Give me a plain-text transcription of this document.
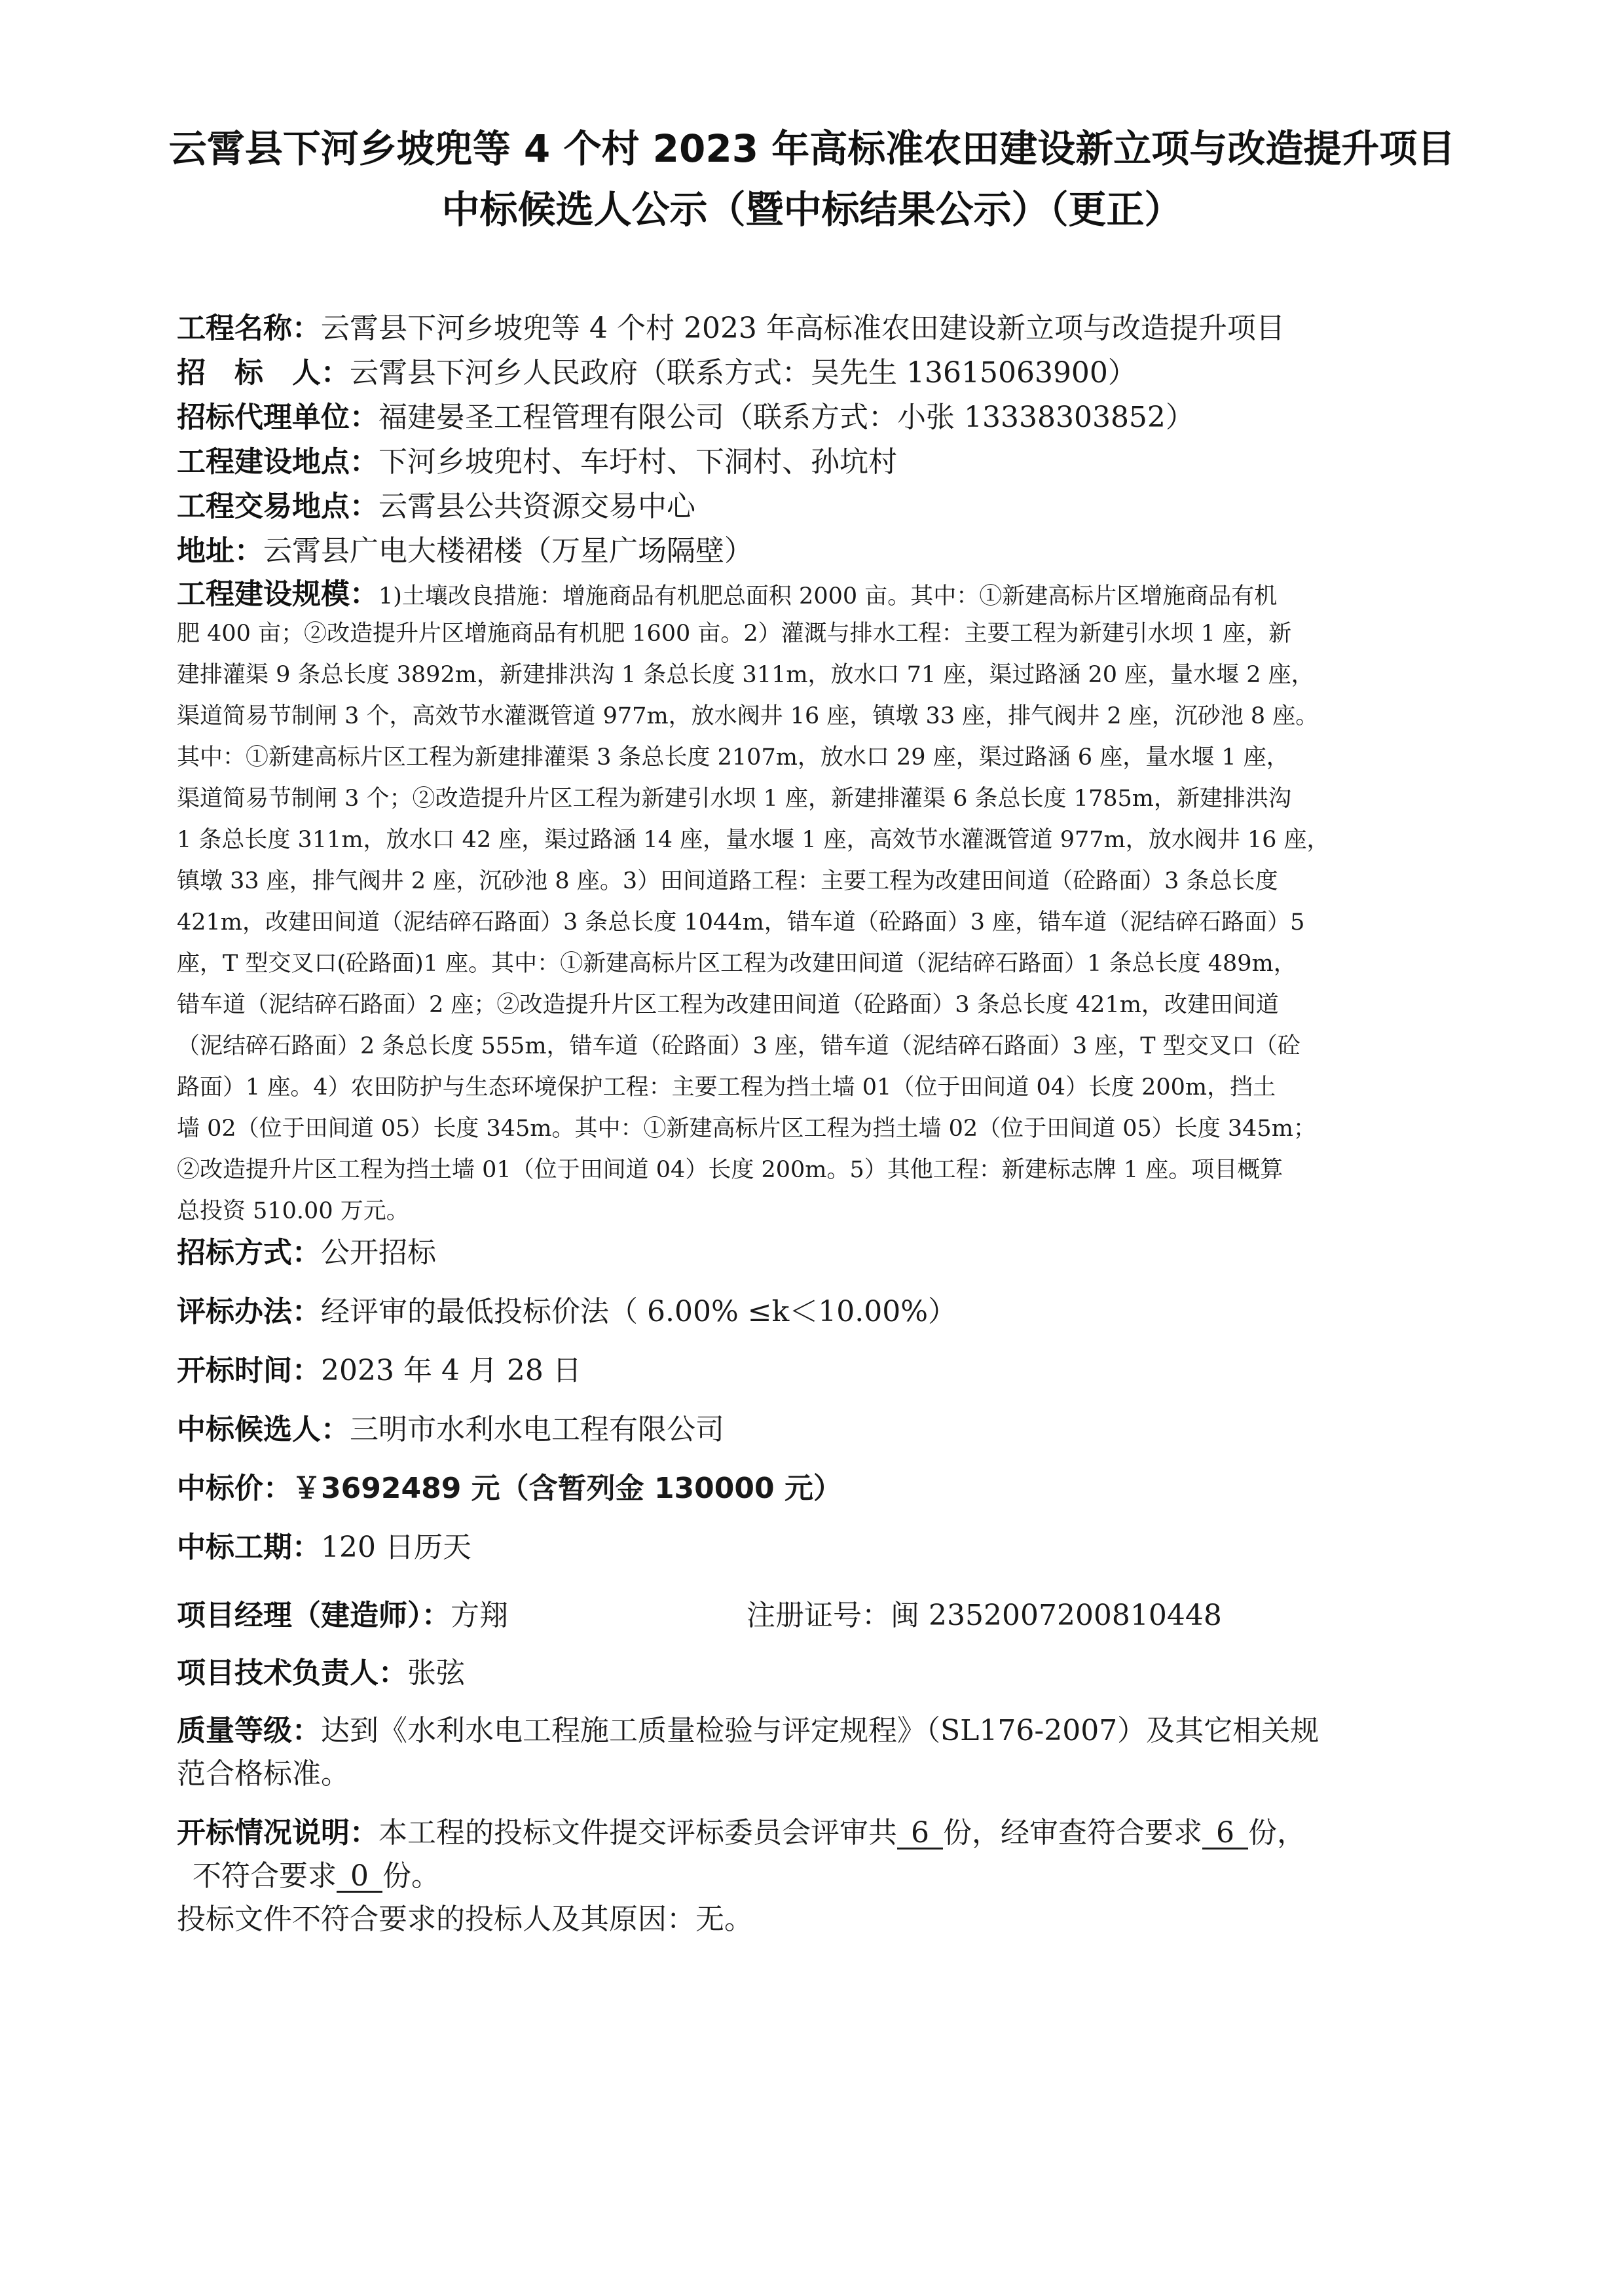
云霄县下河乡坡兜等 4 个村 2023 年高标准农田建设新立项与改造提升项目
中标候选人公示（暨中标结果公示）（更正）
工程名称：云霄县下河乡坡兜等 4 个村 2023 年高标准农田建设新立项与改造提升项目
招　标　人：云霄县下河乡人民政府（联系方式：吴先生 13615063900）
招标代理单位：福建晏圣工程管理有限公司（联系方式：小张 13338303852）
工程建设地点：下河乡坡兜村、车圩村、下洞村、孙坑村
工程交易地点：云霄县公共资源交易中心
地址：云霄县广电大楼裙楼（万星广场隔壁）
工程建设规模：1)土壤改良措施：增施商品有机肥总面积 2000 亩。其中：①新建高标片区增施商品有机
肥 400 亩；②改造提升片区增施商品有机肥 1600 亩。2）灌溉与排水工程：主要工程为新建引水坝 1 座，新
建排灌渠 9 条总长度 3892m，新建排洪沟 1 条总长度 311m，放水口 71 座，渠过路涵 20 座，量水堰 2 座，
渠道简易节制闸 3 个，高效节水灌溉管道 977m，放水阀井 16 座，镇墩 33 座，排气阀井 2 座，沉砂池 8 座。
其中：①新建高标片区工程为新建排灌渠 3 条总长度 2107m，放水口 29 座，渠过路涵 6 座，量水堰 1 座，
渠道简易节制闸 3 个；②改造提升片区工程为新建引水坝 1 座，新建排灌渠 6 条总长度 1785m，新建排洪沟
1 条总长度 311m，放水口 42 座，渠过路涵 14 座，量水堰 1 座，高效节水灌溉管道 977m，放水阀井 16 座，
镇墩 33 座，排气阀井 2 座，沉砂池 8 座。3）田间道路工程：主要工程为改建田间道（砼路面）3 条总长度
421m，改建田间道（泥结碎石路面）3 条总长度 1044m，错车道（砼路面）3 座，错车道（泥结碎石路面）5
座，T 型交叉口(砼路面)1 座。其中：①新建高标片区工程为改建田间道（泥结碎石路面）1 条总长度 489m，
错车道（泥结碎石路面）2 座；②改造提升片区工程为改建田间道（砼路面）3 条总长度 421m，改建田间道
（泥结碎石路面）2 条总长度 555m，错车道（砼路面）3 座，错车道（泥结碎石路面）3 座，T 型交叉口（砼
路面）1 座。4）农田防护与生态环境保护工程：主要工程为挡土墙 01（位于田间道 04）长度 200m，挡土
墙 02（位于田间道 05）长度 345m。其中：①新建高标片区工程为挡土墙 02（位于田间道 05）长度 345m；
②改造提升片区工程为挡土墙 01（位于田间道 04）长度 200m。5）其他工程：新建标志牌 1 座。项目概算
总投资 510.00 万元。
招标方式：公开招标
评标办法：经评审的最低投标价法（ 6.00% ≤k＜10.00%）
开标时间：2023 年 4 月 28 日
中标候选人：三明市水利水电工程有限公司
中标价：￥3692489 元（含暂列金 130000 元）
中标工期：120 日历天
项目经理（建造师）：方翔	注册证号：闽 235200720081044​8
项目技术负责人：张弦
质量等级：达到《水利水电工程施工质量检验与评定规程》（SL176-2007）及其它相关规
范合格标准。
开标情况说明：本工程的投标文件提交评标委员会评审共 6 份，经审查符合要求 6 份，
不符合要求 0 份。
投标文件不符合要求的投标人及其原因：无。
